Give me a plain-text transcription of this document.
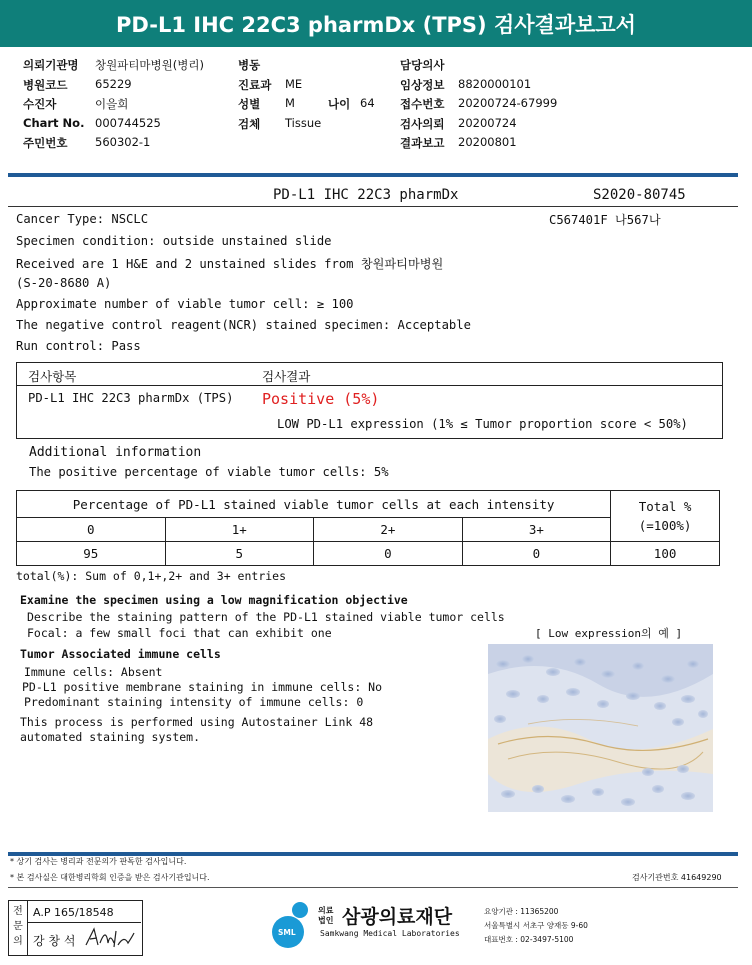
PD-L1 IHC 22C3 pharmDx (TPS) 검사결과보고서
의뢰기관명 창원파티마병원(병리)
병원코드 65229
수진자	이을희
Chart No. 000744525
주민번호 560302-1
병동
진료과 ME
성별 M	나이 64
검체 Tissue
담당의사
임상정보 8820000101
접수번호 20200724-67999
검사의뢰 20200724
결과보고 20200801
PD-L1 IHC 22C3 pharmDx	S2020-80745
C567401F 나567나
Cancer Type: NSCLC
Specimen condition: outside unstained slide
Received are 1 H&E and 2 unstained slides from 창원파티마병원
(S-20-8680 A)
Approximate number of viable tumor cell: ≥ 100
The negative control reagent(NCR) stained specimen: Acceptable
Run control: Pass
검사항목	검사결과
PD-L1 IHC 22C3 pharmDx (TPS) Positive (5%)
LOW PD-L1 expression (1% ≤ Tumor proportion score < 50%)
Additional information
The positive percentage of viable tumor cells: 5%
Percentage of PD-L1 stained viable tumor cells at each intensity				Total %
(=100%)

0	1+	2+	3+	
95	5	0	0	100
total(%): Sum of 0,1+,2+ and 3+ entries
Examine the specimen using a low magnification objective
Describe the staining pattern of the PD-L1 stained viable tumor cells
Focal: a few small foci that can exhibit one
Tumor Associated immune cells
Immune cells: Absent
PD-L1 positive membrane staining in immune cells: No
Predominant staining intensity of immune cells: 0
This process is performed using Autostainer Link 48
automated staining system.
[ Low expression의 예 ]
* 상기 검사는 병리과 전문의가 판독한 검사입니다.
* 본 검사실은 대한병리학회 인증을 받은 검사기관입니다.	검사기관번호 41649290
전문의
A.P 165/18548
강 창 석
SML
의료 법인 삼광의료재단
Samkwang Medical Laboratories
요양기관 : 11365200
서울특별시 서초구 양재동 9-60
대표번호 : 02-3497-5100
